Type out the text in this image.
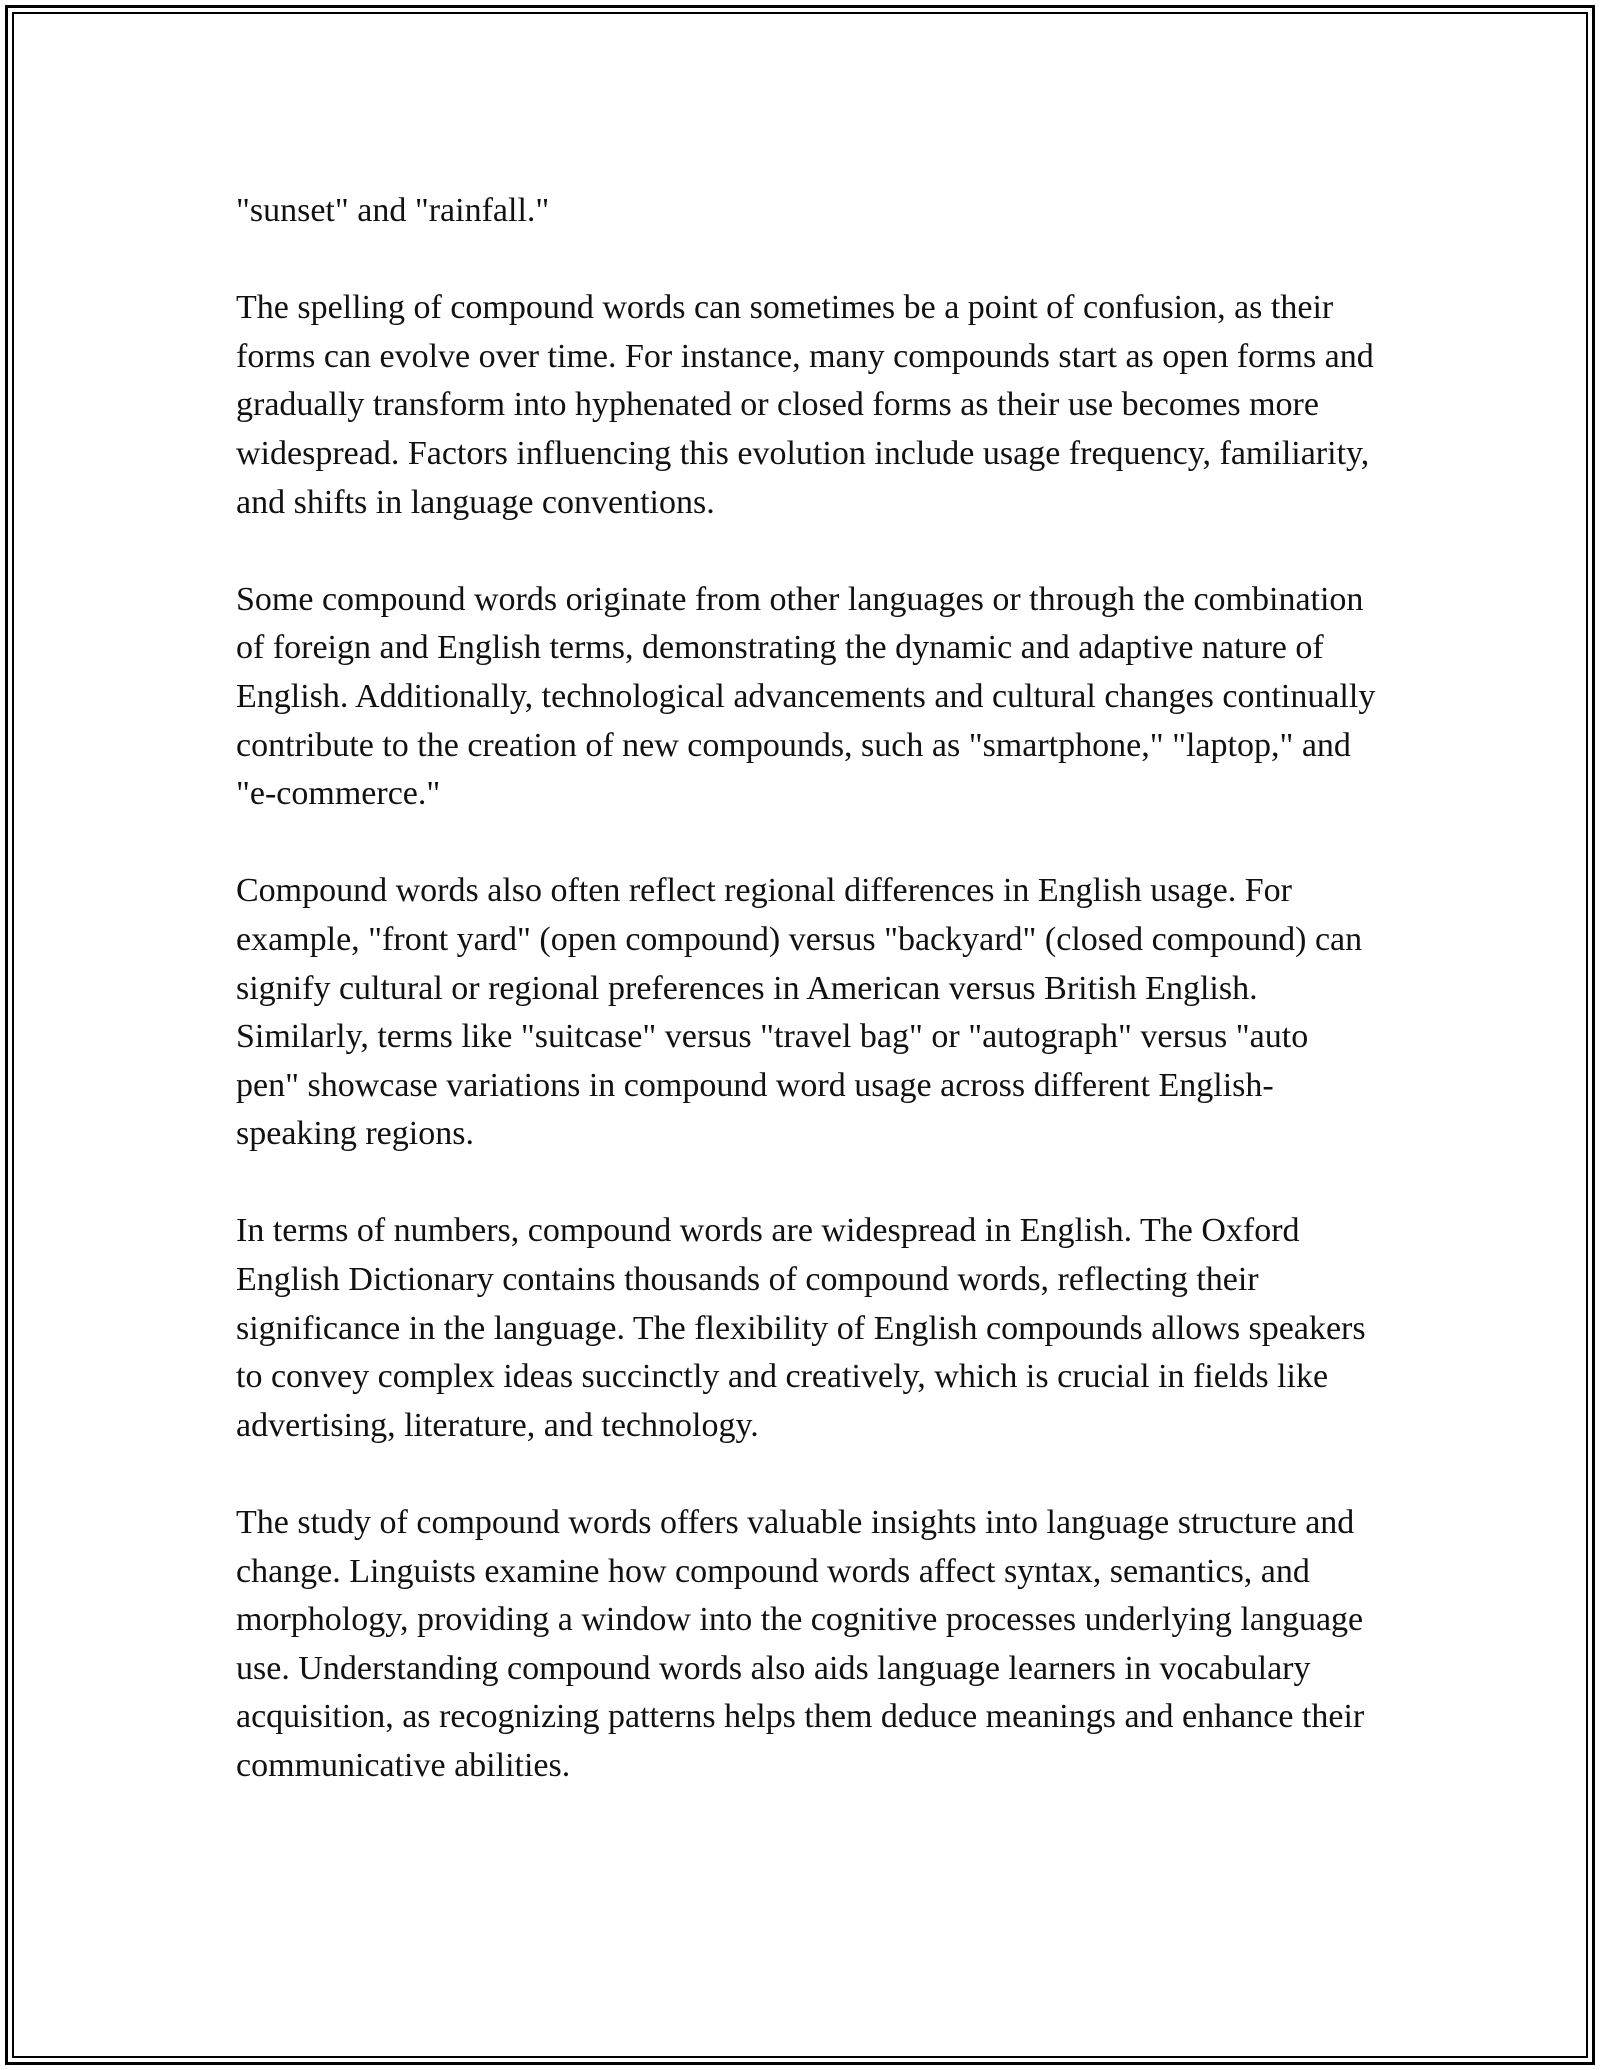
"sunset" and "rainfall."

The spelling of compound words can sometimes be a point of confusion, as their forms can evolve over time. For instance, many compounds start as open forms and gradually transform into hyphenated or closed forms as their use becomes more widespread. Factors influencing this evolution include usage frequency, familiarity, and shifts in language conventions.

Some compound words originate from other languages or through the combination of foreign and English terms, demonstrating the dynamic and adaptive nature of English. Additionally, technological advancements and cultural changes continually contribute to the creation of new compounds, such as "smartphone," "laptop," and "e-commerce."

Compound words also often reflect regional differences in English usage. For example, "front yard" (open compound) versus "backyard" (closed compound) can signify cultural or regional preferences in American versus British English. Similarly, terms like "suitcase" versus "travel bag" or "autograph" versus "auto pen" showcase variations in compound word usage across different English-speaking regions.

In terms of numbers, compound words are widespread in English. The Oxford English Dictionary contains thousands of compound words, reflecting their significance in the language. The flexibility of English compounds allows speakers to convey complex ideas succinctly and creatively, which is crucial in fields like advertising, literature, and technology.

The study of compound words offers valuable insights into language structure and change. Linguists examine how compound words affect syntax, semantics, and morphology, providing a window into the cognitive processes underlying language use. Understanding compound words also aids language learners in vocabulary acquisition, as recognizing patterns helps them deduce meanings and enhance their communicative abilities.
